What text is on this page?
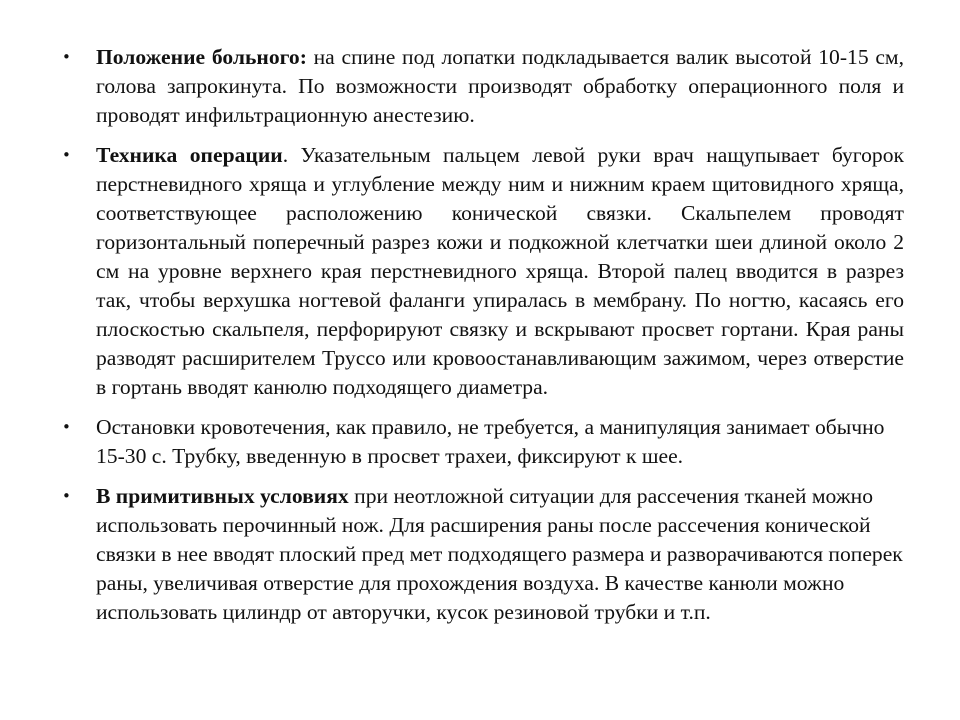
• Положение больного: на спине под лопатки подкладывается валик высотой 10-15 см, голова запрокинута. По возможности производят обработку операционного поля и проводят инфильтрационную анестезию.

• Техника операции. Указательным пальцем левой руки врач нащупывает бугорок перстневидного хряща и углубление между ним и нижним краем щитовидного хряща, соответствующее расположению конической связки. Скальпелем проводят горизонтальный поперечный разрез кожи и подкожной клетчатки шеи длиной около 2 см на уровне верхнего края перстневидного хряща. Второй палец вводится в разрез так, чтобы верхушка ногтевой фаланги упиралась в мембрану. По ногтю, касаясь его плоскостью скальпеля, перфорируют связку и вскрывают просвет гортани. Края раны разводят расширителем Труссо или кровоостанавливающим зажимом, через отверстие в гортань вводят канюлю подходящего диаметра.

• Остановки кровотечения, как правило, не требуется, а манипуляция занимает обычно 15-30 с. Трубку, введенную в просвет трахеи, фиксируют к шее.

• В примитивных условиях при неотложной ситуации для рассечения тканей можно использовать перочинный нож. Для расширения раны после рассечения конической связки в нее вводят плоский пред мет подходящего размера и разворачиваются поперек раны, увеличивая отверстие для прохождения воздуха. В качестве канюли можно использовать цилиндр от авторучки, кусок резиновой трубки и т.п.
